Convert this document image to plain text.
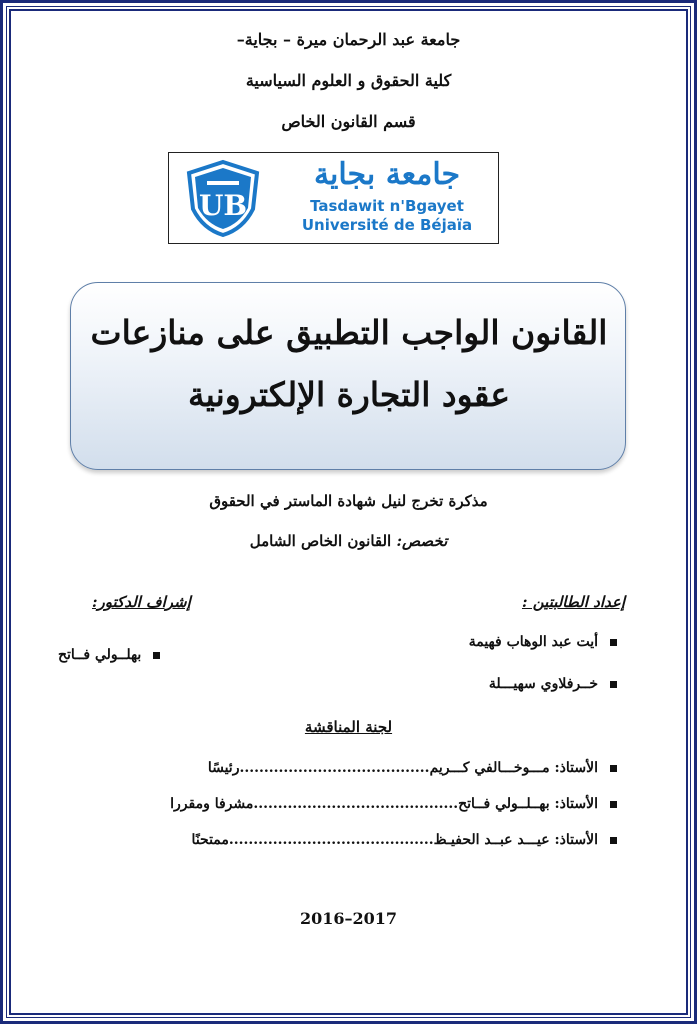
جامعة عبد الرحمان ميرة – بجاية–
كلية الحقوق و العلوم السياسية
قسم القانون الخاص
UB
جامعة بجاية
Tasdawit n'Bgayet
Université de Béjaïa
القانون الواجب التطبيق على منازعات
عقود التجارة الإلكترونية
مذكرة تخرج لنيل شهادة الماستر في الحقوق
تخصص: القانون الخاص الشامل
إعداد الطالبتين :
إشراف الدكتور:
أيت عبد الوهاب فهيمة
خــرفلاوي سهيـــلة
بهلــولي فــاتح
لجنة المناقشة
الأستاذ: مـــوخـــالفي كـــريم.......................................رئيسًا
الأستاذ: بهــلــولي فــاتح..........................................مشرفا ومقررا
الأستاذ: عيـــد عبــد الحفيـظ..........................................ممتحنًا
2016–2017
